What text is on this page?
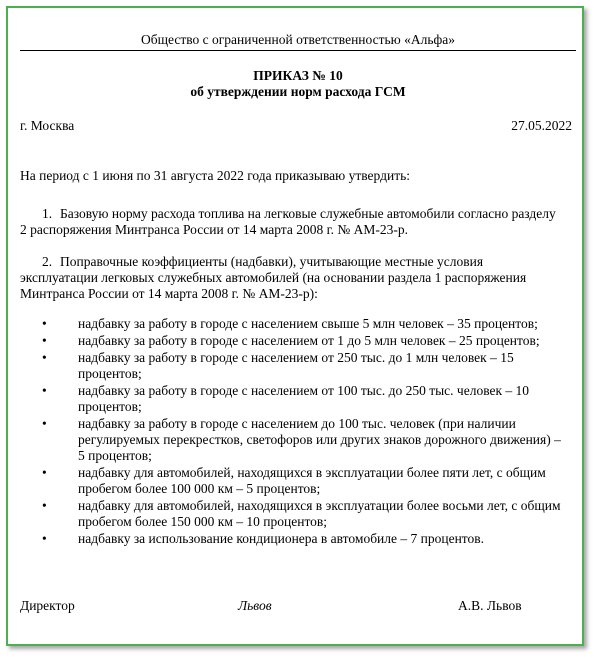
Общество с ограниченной ответственностью «Альфа»
ПРИКАЗ № 10
об утверждении норм расхода ГСМ
г. Москва	27.05.2022
На период с 1 июня по 31 августа 2022 года приказываю утвердить:
1. Базовую норму расхода топлива на легковые служебные автомобили согласно разделу 2 распоряжения Минтранса России от 14 марта 2008 г. № АМ-23-р.
2. Поправочные коэффициенты (надбавки), учитывающие местные условия эксплуатации легковых служебных автомобилей (на основании раздела 1 распоряжения Минтранса России от 14 марта 2008 г. № АМ-23-р):
• надбавку за работу в городе с населением свыше 5 млн человек – 35 процентов;
• надбавку за работу в городе с населением от 1 до 5 млн человек – 25 процентов;
• надбавку за работу в городе с населением от 250 тыс. до 1 млн человек – 15 процентов;
• надбавку за работу в городе с населением от 100 тыс. до 250 тыс. человек – 10 процентов;
• надбавку за работу в городе с населением до 100 тыс. человек (при наличии регулируемых перекрестков, светофоров или других знаков дорожного движения) – 5 процентов;
• надбавку для автомобилей, находящихся в эксплуатации более пяти лет, с общим пробегом более 100 000 км – 5 процентов;
• надбавку для автомобилей, находящихся в эксплуатации более восьми лет, с общим пробегом более 150 000 км – 10 процентов;
• надбавку за использование кондиционера в автомобиле – 7 процентов.
Директор	Львов	А.В. Львов
